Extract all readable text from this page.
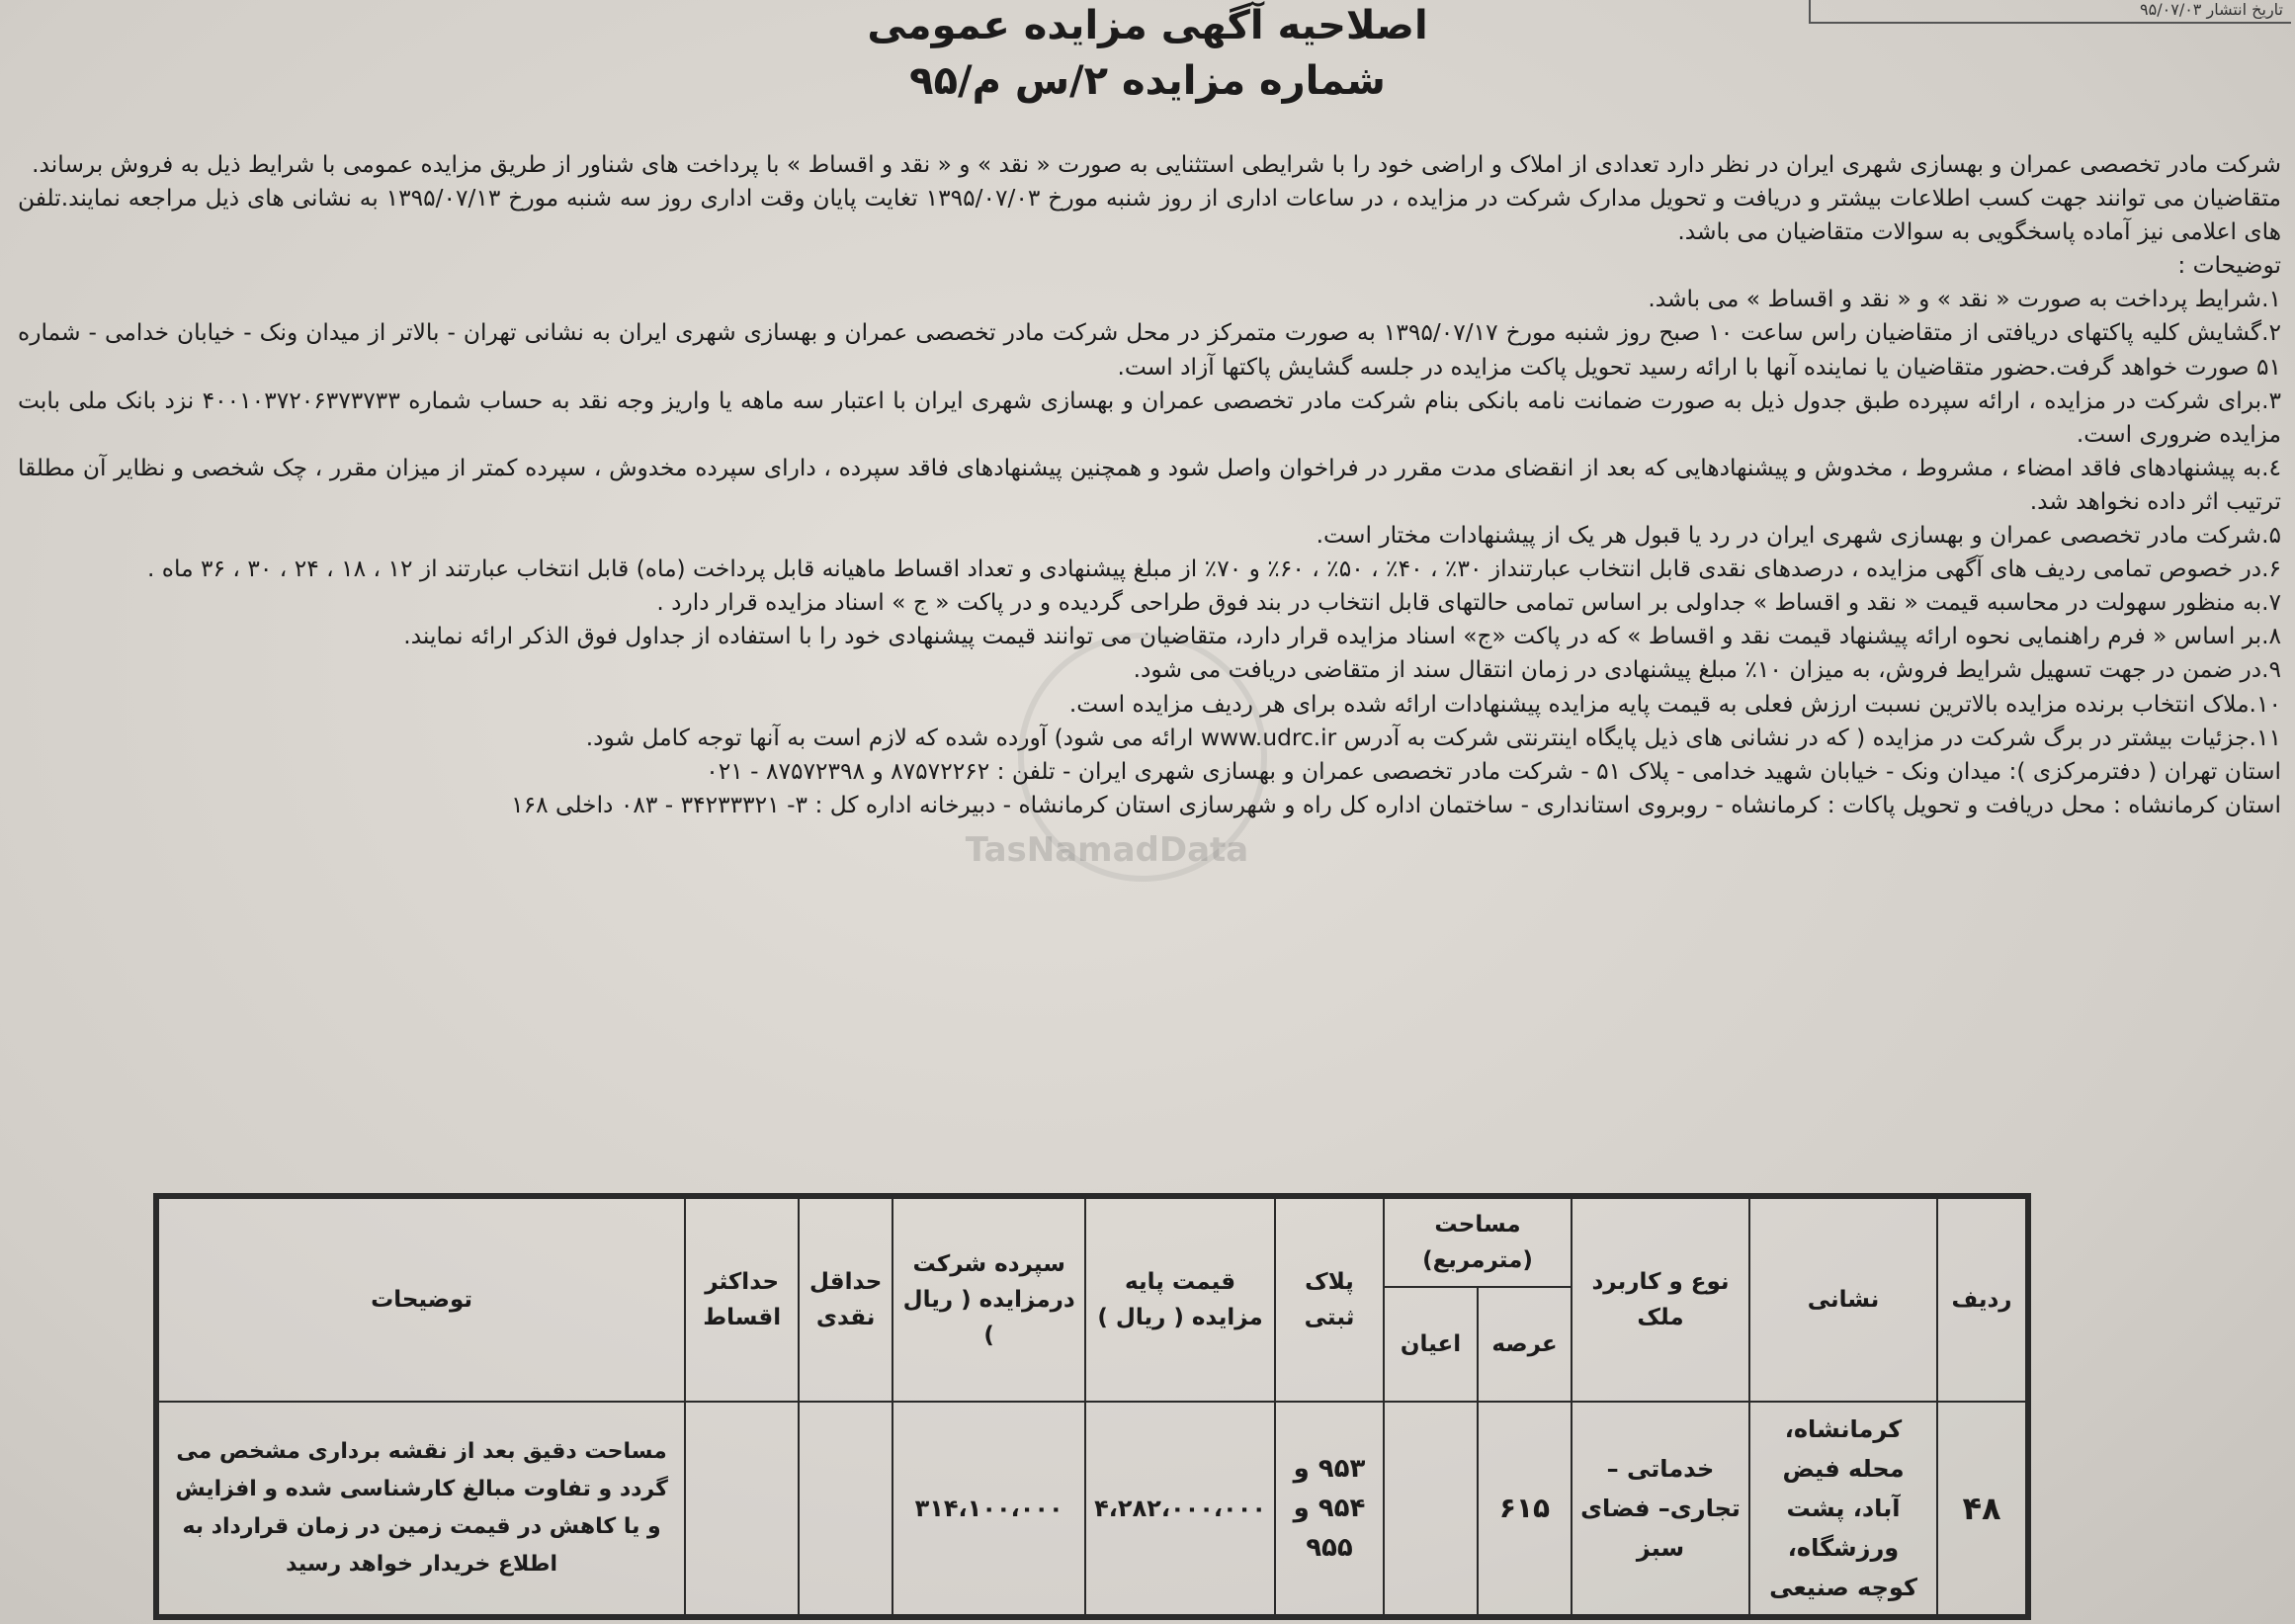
تاریخ انتشار ۹۵/۰۷/۰۳
اصلاحیه آگهی مزایده عمومی
شماره مزایده ۲/س م/۹۵
TasNamadData

شرکت مادر تخصصی عمران و بهسازی شهری ایران در نظر دارد تعدادی از املاک و اراضی خود را با شرایطی استثنایی به صورت « نقد » و « نقد و اقساط » با پرداخت های شناور از طریق مزایده عمومی با شرایط ذیل به فروش برساند.

متقاضیان می توانند جهت کسب اطلاعات بیشتر و دریافت و تحویل مدارک شرکت در مزایده ، در ساعات اداری از روز شنبه مورخ ۱۳۹۵/۰۷/۰۳ تغایت پایان وقت اداری روز سه شنبه مورخ ۱۳۹۵/۰۷/۱۳ به نشانی های ذیل مراجعه نمایند.تلفن های اعلامی نیز آماده پاسخگویی به سوالات متقاضیان می باشد.

توضیحات :

۱.شرایط پرداخت به صورت « نقد » و « نقد و اقساط » می باشد.

۲.گشایش کلیه پاکتهای دریافتی از متقاضیان راس ساعت ۱۰ صبح روز شنبه مورخ ۱۳۹۵/۰۷/۱۷ به صورت متمرکز در محل شرکت مادر تخصصی عمران و بهسازی شهری ایران به نشانی تهران - بالاتر از میدان ونک - خیابان خدامی - شماره ۵۱ صورت خواهد گرفت.حضور متقاضیان یا نماینده آنها با ارائه رسید تحویل پاکت مزایده در جلسه گشایش پاکتها آزاد است.

۳.برای شرکت در مزایده ، ارائه سپرده طبق جدول ذیل به صورت ضمانت نامه بانکی بنام شرکت مادر تخصصی عمران و بهسازی شهری ایران با اعتبار سه ماهه یا واریز وجه نقد به حساب شماره ۴۰۰۱۰۳۷۲۰۶۳۷۳۷۳۳ نزد بانک ملی بابت مزایده ضروری است.

٤.به پیشنهادهای فاقد امضاء ، مشروط ، مخدوش و پیشنهادهایی که بعد از انقضای مدت مقرر در فراخوان واصل شود و همچنین پیشنهادهای فاقد سپرده ، دارای سپرده مخدوش ، سپرده کمتر از میزان مقرر ، چک شخصی و نظایر آن مطلقا ترتیب اثر داده نخواهد شد.

۵.شرکت مادر تخصصی عمران و بهسازی شهری ایران در رد یا قبول هر یک از پیشنهادات مختار است.

۶.در خصوص تمامی ردیف های آگهی مزایده ، درصدهای نقدی قابل انتخاب عبارتنداز ۳۰٪ ، ۴۰٪ ، ۵۰٪ ، ۶۰٪ و ۷۰٪ از مبلغ پیشنهادی و تعداد اقساط ماهیانه قابل پرداخت (ماه) قابل انتخاب عبارتند از ۱۲ ، ۱۸ ، ۲۴ ، ۳۰ ، ۳۶ ماه .

۷.به منظور سهولت در محاسبه قیمت « نقد و اقساط » جداولی بر اساس تمامی حالتهای قابل انتخاب در بند فوق طراحی گردیده و در پاکت « ج » اسناد مزایده قرار دارد .

۸.بر اساس « فرم راهنمایی نحوه ارائه پیشنهاد قیمت نقد و اقساط » که در پاکت «ج» اسناد مزایده قرار دارد، متقاضیان می توانند قیمت پیشنهادی خود را با استفاده از جداول فوق الذکر ارائه نمایند.

۹.در ضمن در جهت تسهیل شرایط فروش، به میزان ۱۰٪ مبلغ پیشنهادی در زمان انتقال سند از متقاضی دریافت می شود.

۱۰.ملاک انتخاب برنده مزایده بالاترین نسبت ارزش فعلی به قیمت پایه مزایده پیشنهادات ارائه شده برای هر ردیف مزایده است.

۱۱.جزئیات بیشتر در برگ شرکت در مزایده ( که در نشانی های ذیل پایگاه اینترنتی شرکت به آدرس www.udrc.ir ارائه می شود) آورده شده که لازم است به آنها توجه کامل شود.

استان تهران ( دفترمرکزی ): میدان ونک - خیابان شهید خدامی - پلاک ۵۱ - شرکت مادر تخصصی عمران و بهسازی شهری ایران - تلفن : ۸۷۵۷۲۲۶۲ و ۸۷۵۷۲۳۹۸ - ۰۲۱

استان کرمانشاه : محل دریافت و تحویل پاکات : کرمانشاه - روبروی استانداری - ساختمان اداره کل راه و شهرسازی استان کرمانشاه - دبیرخانه اداره کل : ۳- ۳۴۲۳۳۳۲۱ - ۰۸۳ داخلی ۱۶۸

ردیف	نشانی	نوع و کاربرد ملک	مساحت (مترمربع)		پلاک ثبتی	قیمت پایه مزایده ( ریال )	سپرده شرکت درمزایده ( ریال )	حداقل نقدی	حداکثر اقساط	توضیحات
			عرصه	اعیان						
۴۸	کرمانشاه، محله فیض آباد، پشت ورزشگاه، کوچه صنیعی	خدماتی – تجاری– فضای سبز	۶۱۵		۹۵۳ و ۹۵۴ و ۹۵۵	۴،۲۸۲،۰۰۰،۰۰۰	۳۱۴،۱۰۰،۰۰۰			مساحت دقیق بعد از نقشه برداری مشخص می گردد و تفاوت مبالغ کارشناسی شده و افزایش و یا کاهش در قیمت زمین در زمان قرارداد به اطلاع خریدار خواهد رسید
